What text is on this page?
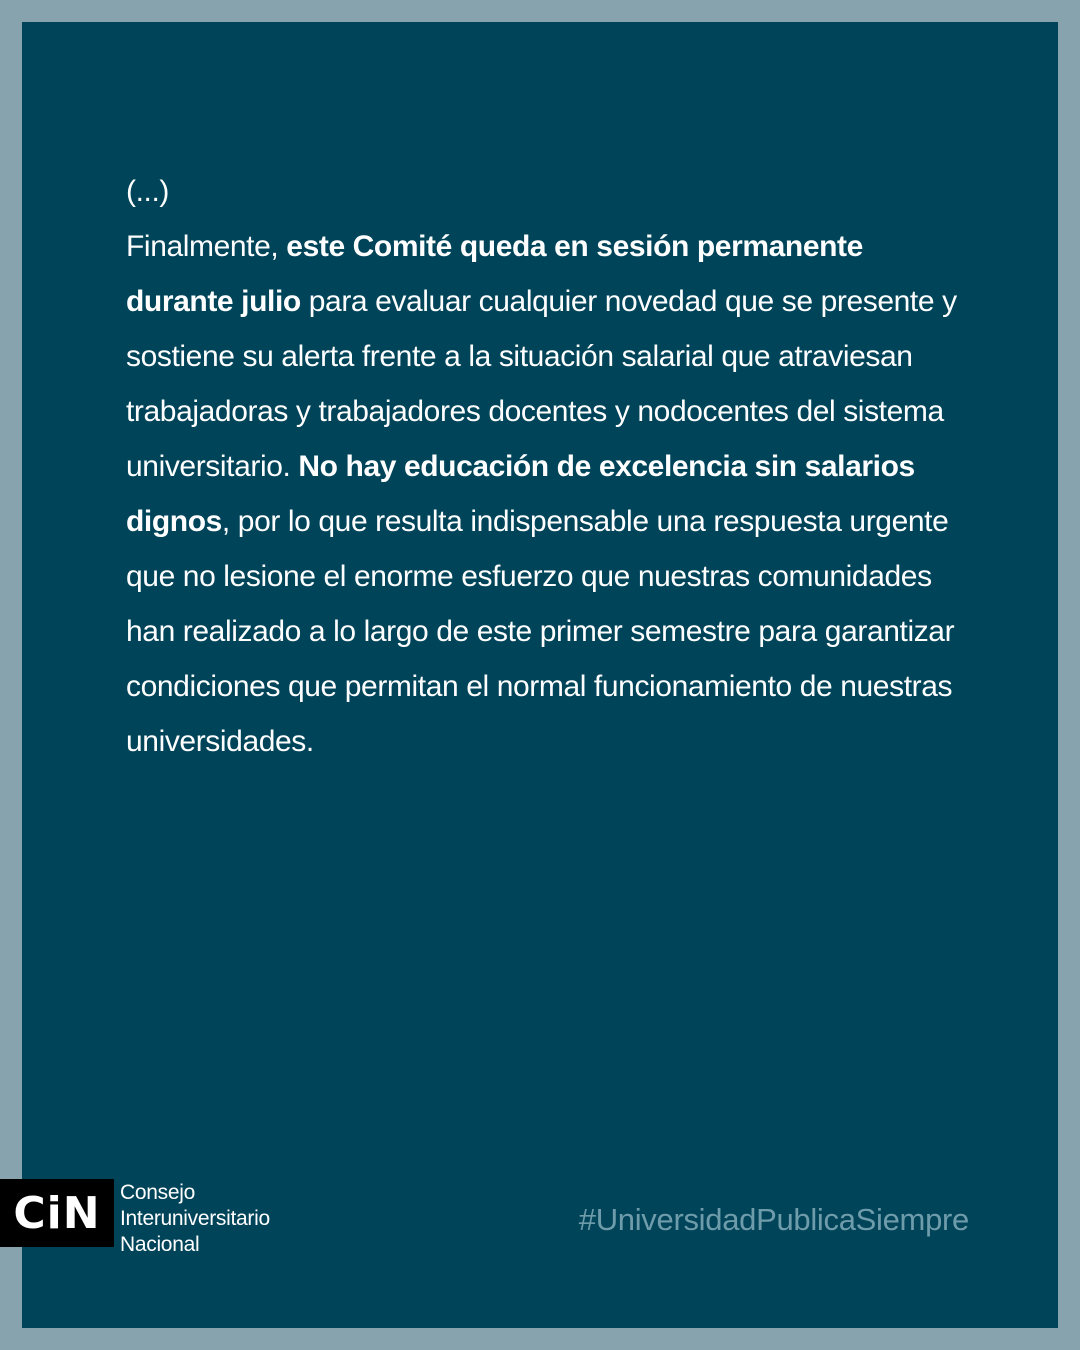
(...)
Finalmente, este Comité queda en sesión permanente durante julio para evaluar cualquier novedad que se presente y sostiene su alerta frente a la situación salarial que atraviesan trabajadoras y trabajadores docentes y nodocentes del sistema universitario. No hay educación de excelencia sin salarios dignos, por lo que resulta indispensable una respuesta urgente que no lesione el enorme esfuerzo que nuestras comunidades han realizado a lo largo de este primer semestre para garantizar condiciones que permitan el normal funcionamiento de nuestras universidades.
CiN Consejo
Interuniversitario
Nacional
#UniversidadPublicaSiempre
